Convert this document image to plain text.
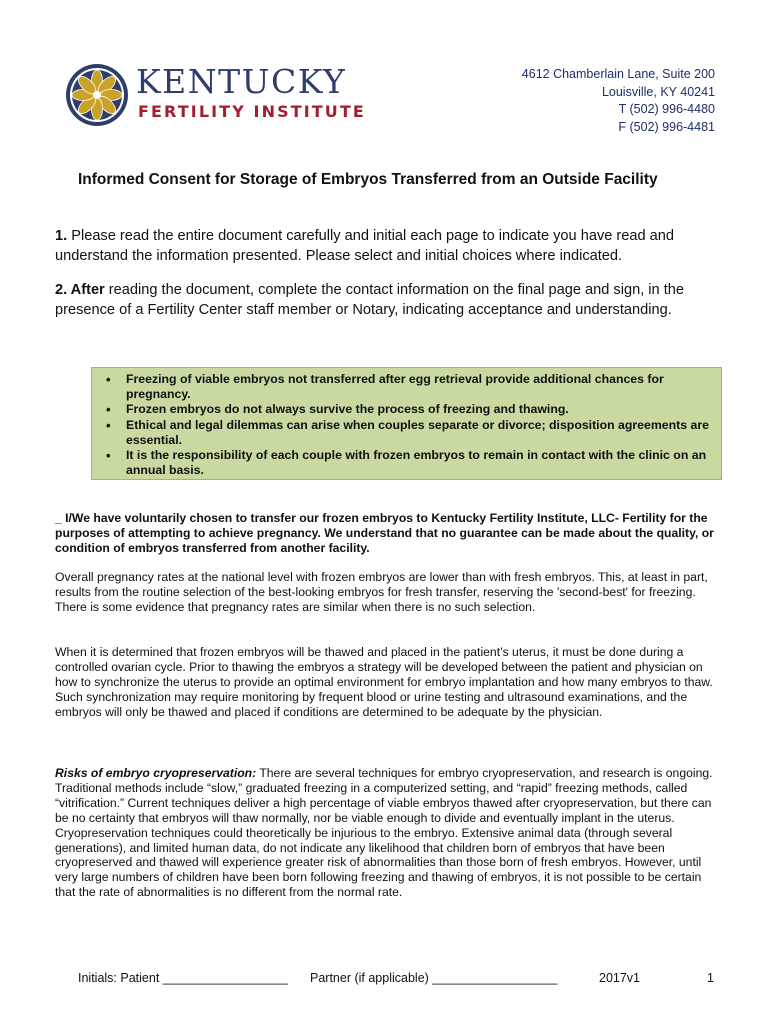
KENTUCKY
FERTILITY INSTITUTE
4612 Chamberlain Lane, Suite 200
Louisville, KY 40241
T (502) 996-4480
F (502) 996-4481
Informed Consent for Storage of Embryos Transferred from an Outside Facility
1. Please read the entire document carefully and initial each page to indicate you have read and understand the information presented. Please select and initial choices where indicated.
2. After reading the document, complete the contact information on the final page and sign, in the presence of a Fertility Center staff member or Notary, indicating acceptance and understanding.
• Freezing of viable embryos not transferred after egg retrieval provide additional chances for pregnancy.
• Frozen embryos do not always survive the process of freezing and thawing.
• Ethical and legal dilemmas can arise when couples separate or divorce; disposition agreements are essential.
• It is the responsibility of each couple with frozen embryos to remain in contact with the clinic on an annual basis.
_ I/We have voluntarily chosen to transfer our frozen embryos to Kentucky Fertility Institute, LLC- Fertility for the purposes of attempting to achieve pregnancy. We understand that no guarantee can be made about the quality, or condition of embryos transferred from another facility.
Overall pregnancy rates at the national level with frozen embryos are lower than with fresh embryos. This, at least in part, results from the routine selection of the best-looking embryos for fresh transfer, reserving the 'second-best' for freezing. There is some evidence that pregnancy rates are similar when there is no such selection.
When it is determined that frozen embryos will be thawed and placed in the patient’s uterus, it must be done during a controlled ovarian cycle. Prior to thawing the embryos a strategy will be developed between the patient and physician on how to synchronize the uterus to provide an optimal environment for embryo implantation and how many embryos to thaw. Such synchronization may require monitoring by frequent blood or urine testing and ultrasound examinations, and the embryos will only be thawed and placed if conditions are determined to be adequate by the physician.
Risks of embryo cryopreservation: There are several techniques for embryo cryopreservation, and research is ongoing. Traditional methods include “slow,” graduated freezing in a computerized setting, and “rapid” freezing methods, called “vitrification.” Current techniques deliver a high percentage of viable embryos thawed after cryopreservation, but there can be no certainty that embryos will thaw normally, nor be viable enough to divide and eventually implant in the uterus. Cryopreservation techniques could theoretically be injurious to the embryo. Extensive animal data (through several generations), and limited human data, do not indicate any likelihood that children born of embryos that have been cryopreserved and thawed will experience greater risk of abnormalities than those born of fresh embryos. However, until very large numbers of children have been born following freezing and thawing of embryos, it is not possible to be certain that the rate of abnormalities is no different from the normal rate.
Initials: Patient __________________ Partner (if applicable) __________________	2017v1	1
